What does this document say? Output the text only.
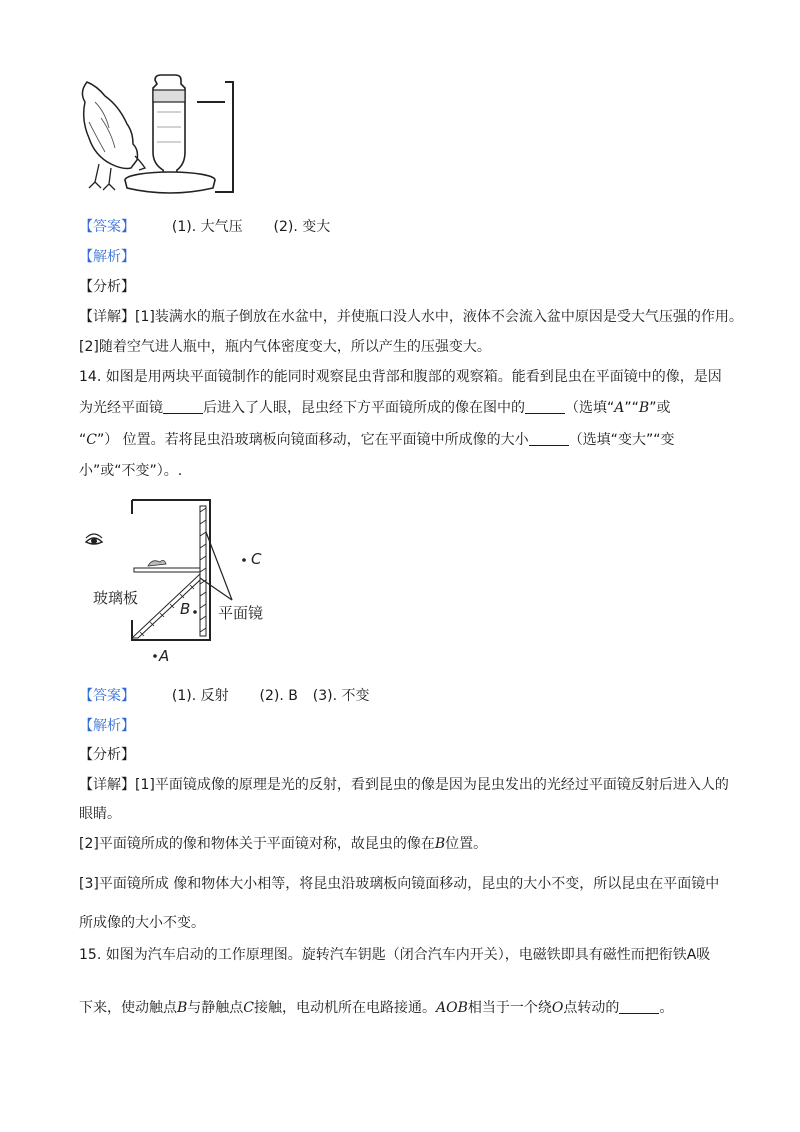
【答案】	(1). 大气压 (2). 变大
【解析】
【分析】
【详解】[1]装满水的瓶子倒放在水盆中，并使瓶口没人水中，液体不会流入盆中原因是受大气压强的作用。
[2]随着空气进人瓶中，瓶内气体密度变大，所以产生的压强变大。
14. 如图是用两块平面镜制作的能同时观察昆虫背部和腹部的观察箱。能看到昆虫在平面镜中的像，是因
为光经平面镜	后进入了人眼，昆虫经下方平面镜所成的像在图中的	（选填“A”“B”或
“C”） 位置。若将昆虫沿玻璃板向镜面移动，它在平面镜中所成像的大小	（选填“变大”“变
小”或“不变”）。.
C
玻璃板
B 平面镜
A
【答案】	(1). 反射 (2). B (3). 不变
【解析】
【分析】
【详解】[1]平面镜成像的原理是光的反射，看到昆虫的像是因为昆虫发出的光经过平面镜反射后进入人的
眼睛。
[2]平面镜所成的像和物体关于平面镜对称，故昆虫的像在B位置。
[3]平面镜所成 像和物体大小相等，将昆虫沿玻璃板向镜面移动，昆虫的大小不变，所以昆虫在平面镜中
所成像的大小不变。
15. 如图为汽车启动的工作原理图。旋转汽车钥匙（闭合汽车内开关），电磁铁即具有磁性而把衔铁A吸
下来，使动触点B与静触点C接触，电动机所在电路接通。AOB相当于一个绕O点转动的	。
